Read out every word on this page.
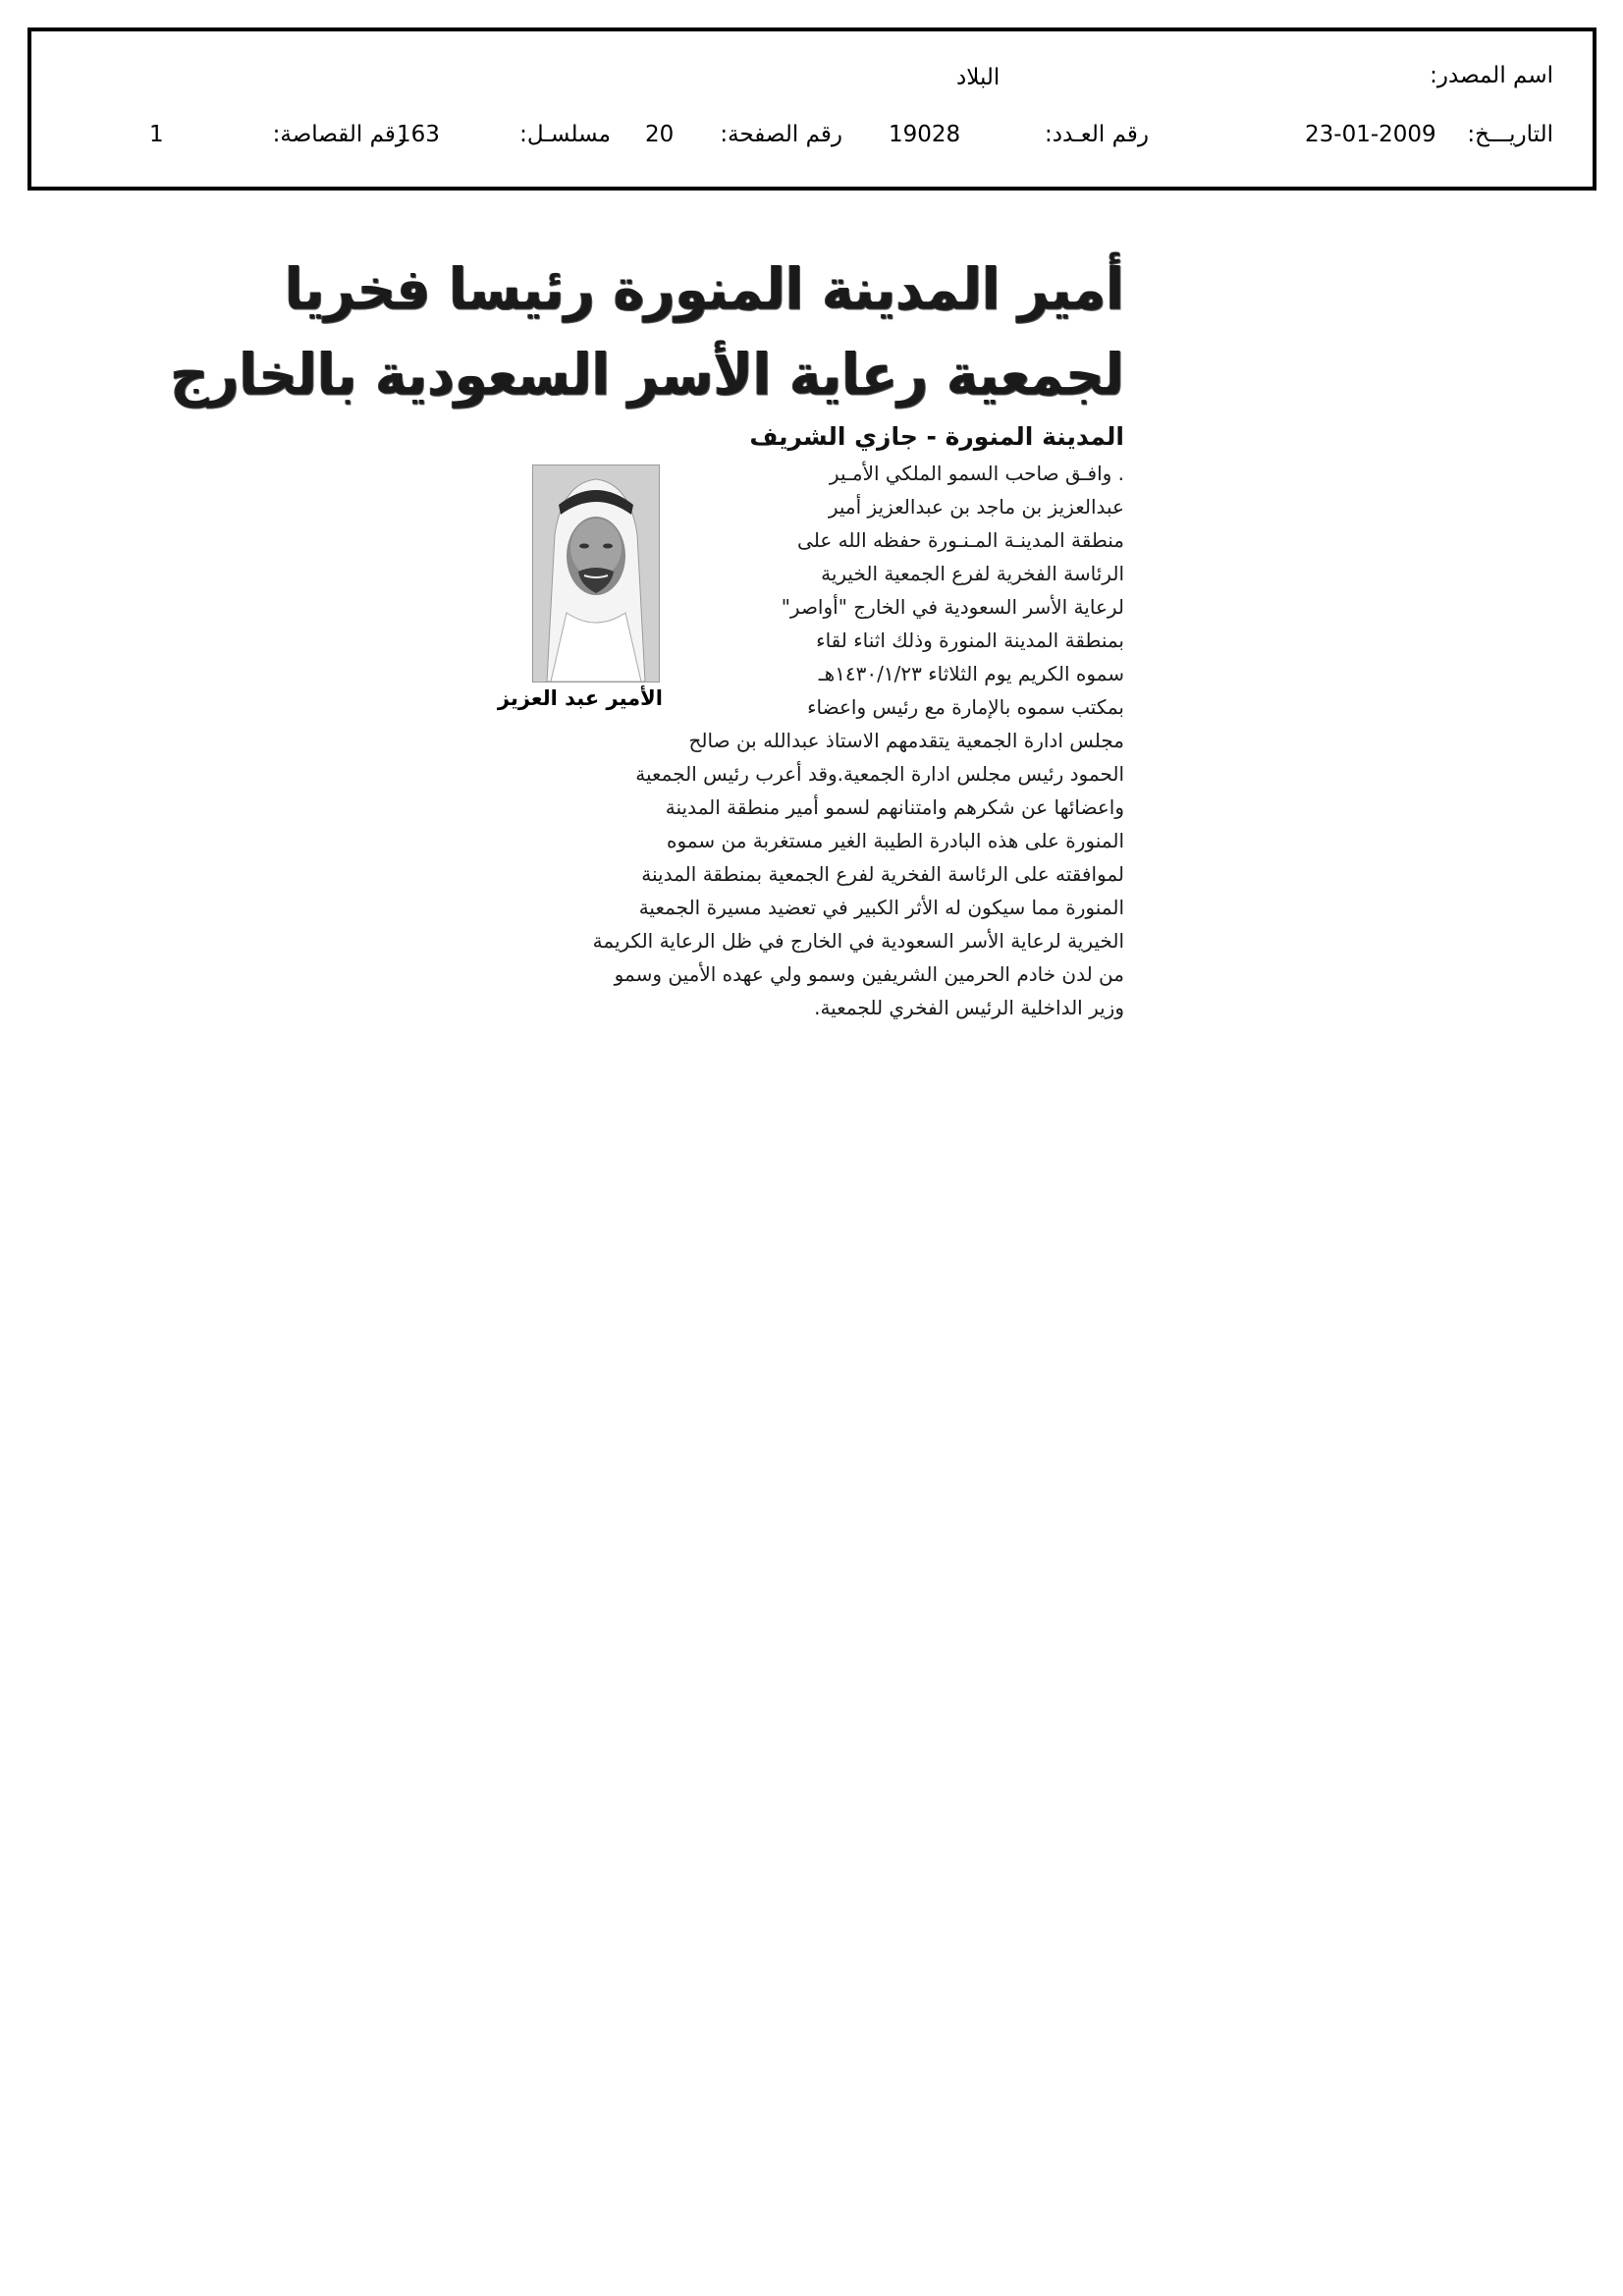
اسم المصدر:
البلاد
التاريـــخ:
23-01-2009
رقم العـدد:
19028
رقم الصفحة:
20
مسلسـل:
163
رقم القصاصة:
1
أمير المدينة المنورة رئيسا فخريا
لجمعية رعاية الأسر السعودية بالخارج
المدينة المنورة - جازي الشريف
الأمير عبد العزيز
. وافـق صاحب السمو الملكي الأمـير
عبدالعزيز بن ماجد بن عبدالعزيز أمير
منطقة المدينـة المـنـورة حفظه الله على
الرئاسة الفخرية لفرع الجمعية الخيرية
لرعاية الأسر السعودية في الخارج "أواصر"
بمنطقة المدينة المنورة وذلك اثناء لقاء
سموه الكريم يوم الثلاثاء ١٤٣٠/١/٢٣هـ
بمكتب سموه بالإمارة مع رئيس واعضاء
مجلس ادارة الجمعية يتقدمهم الاستاذ عبدالله بن صالح
الحمود رئيس مجلس ادارة الجمعية.وقد أعرب رئيس الجمعية
واعضائها عن شكرهم وامتنانهم لسمو أمير منطقة المدينة
المنورة على هذه البادرة الطيبة الغير مستغربة من سموه
لموافقته على الرئاسة الفخرية لفرع الجمعية بمنطقة المدينة
المنورة مما سيكون له الأثر الكبير في تعضيد مسيرة الجمعية
الخيرية لرعاية الأسر السعودية في الخارج في ظل الرعاية الكريمة
من لدن خادم الحرمين الشريفين وسمو ولي عهده الأمين وسمو
وزير الداخلية الرئيس الفخري للجمعية.
